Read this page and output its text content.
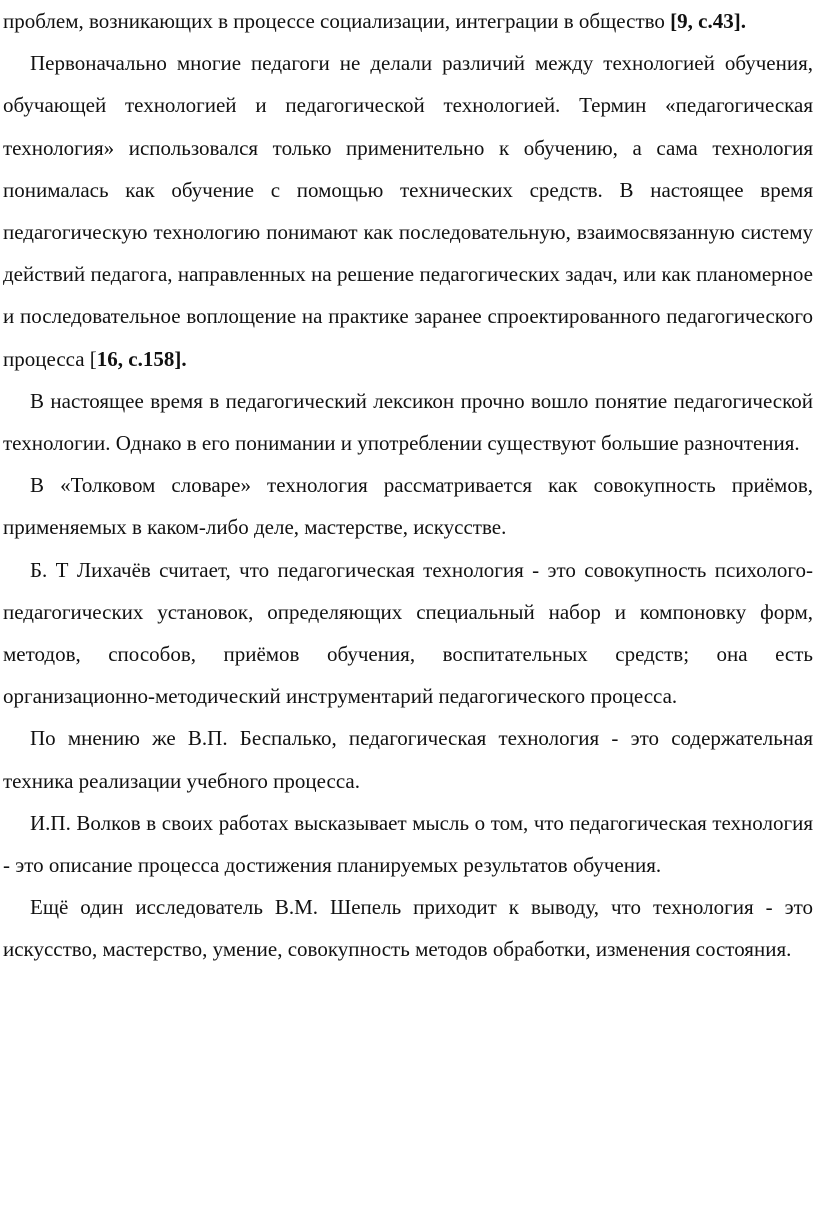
проблем, возникающих в процессе социализации, интеграции в общество [9, с.43].

Первоначально многие педагоги не делали различий между технологией обучения, обучающей технологией и педагогической технологией. Термин «педагогическая технология» использовался только применительно к обучению, а сама технология понималась как обучение с помощью технических средств. В настоящее время педагогическую технологию понимают как последовательную, взаимосвязанную систему действий педагога, направленных на решение педагогических задач, или как планомерное и последовательное воплощение на практике заранее спроектированного педагогического процесса [16, с.158].

В настоящее время в педагогический лексикон прочно вошло понятие педагогической технологии. Однако в его понимании и употреблении существуют большие разночтения.

В «Толковом словаре» технология рассматривается как совокупность приёмов, применяемых в каком-либо деле, мастерстве, искусстве.

Б. Т Лихачёв считает, что педагогическая технология - это совокупность психолого-педагогических установок, определяющих специальный набор и компоновку форм, методов, способов, приёмов обучения, воспитательных средств; она есть организационно-методический инструментарий педагогического процесса.

По мнению же В.П. Беспалько, педагогическая технология - это содержательная техника реализации учебного процесса.

И.П. Волков в своих работах высказывает мысль о том, что педагогическая технология - это описание процесса достижения планируемых результатов обучения.

Ещё один исследователь В.М. Шепель приходит к выводу, что технология - это искусство, мастерство, умение, совокупность методов обработки, изменения состояния.
